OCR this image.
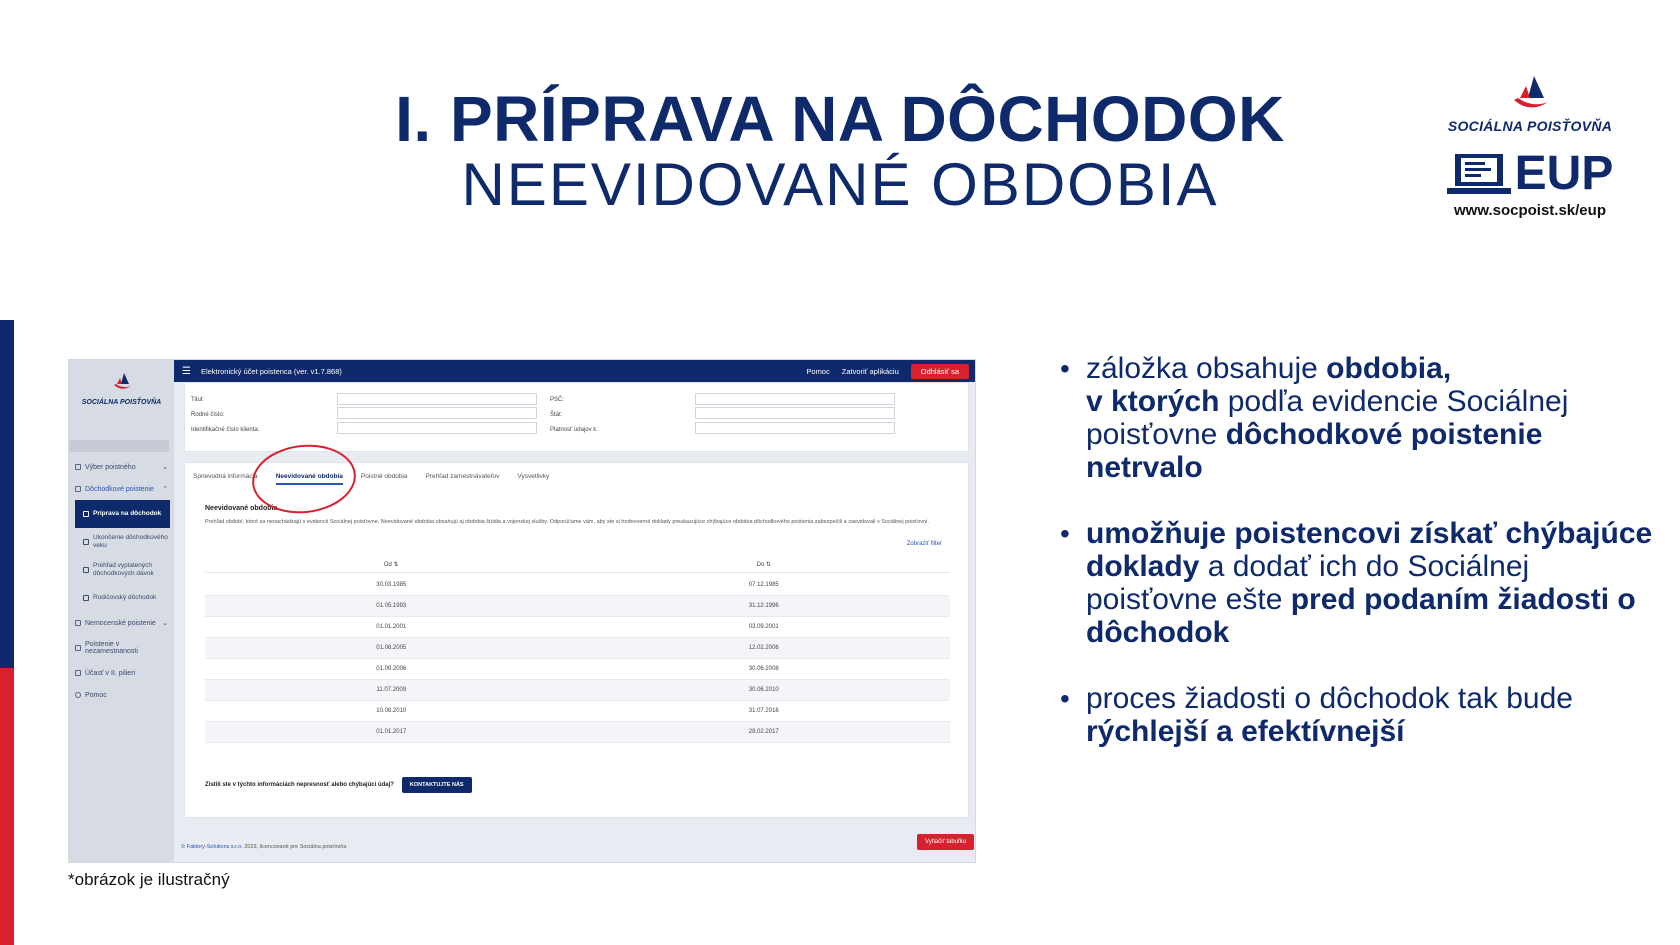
I. PRÍPRAVA NA DÔCHODOK
NEEVIDOVANÉ OBDOBIA
SOCIÁLNA POISŤOVŇA
EUP
www.socpoist.sk/eup
SOCIÁLNA POISŤOVŇA
Výber poistného	⌄
Dôchodkové poistenie ⌃
Príprava na dôchodok
Ukončenie dôchodkového veku
Prehľad vyplatených dôchodkových dávok
Rodičovský dôchodok
Nemocenské poistenie ⌄
Poistenie v nezamestnanosti
Účasť v II. pilieri
Pomoc
☰ Elektronický účet poistenca (ver. v1.7.868)	Pomoc Zatvoriť aplikáciu	Odhlásiť sa
Titul:
Rodné číslo:
Identifikačné číslo klienta:
PSČ:
Štát:
Platnosť údajov k:
Sprievodná informácia	Neevidované obdobia	Poistné obdobia	Prehľad zamestnávateľov	Vysvetlivky
Neevidované obdobia
Prehľad období, ktoré sa nenachádzajú v evidencii Sociálnej poisťovne. Neevidované obdobia obsahujú aj obdobia štúdia a vojenskej služby. Odporúčame vám, aby ste si hodnoverné doklady preukazujúce chýbajúce obdobia dôchodkového poistenia zabezpečili a zaevidovali v Sociálnej poisťovni.
Zobraziť filter
Od ⇅	Do ⇅
30.03.1985	07.12.1985
01.05.1993	31.12.1996
01.01.2001	03.09.2001
01.08.2005	12.02.2006
01.09.2006	30.06.2008
11.07.2009	30.06.2010
10.08.2010	31.07.2016
01.01.2017	28.02.2017
Zistili ste v týchto informáciách nepresnosť alebo chýbajúci údaj?	KONTAKTUJTE NÁS
© Faktory-Solutions s.r.o. 2023, licencované pre Sociálna poisťovňa
Vytlačiť tabuľku
*obrázok je ilustračný
• záložka obsahuje obdobia,
v ktorých podľa evidencie Sociálnej poisťovne dôchodkové poistenie netrvalo
• umožňuje poistencovi získať chýbajúce doklady a dodať ich do Sociálnej poisťovne ešte pred podaním žiadosti o dôchodok
• proces žiadosti o dôchodok tak bude rýchlejší a efektívnejší
